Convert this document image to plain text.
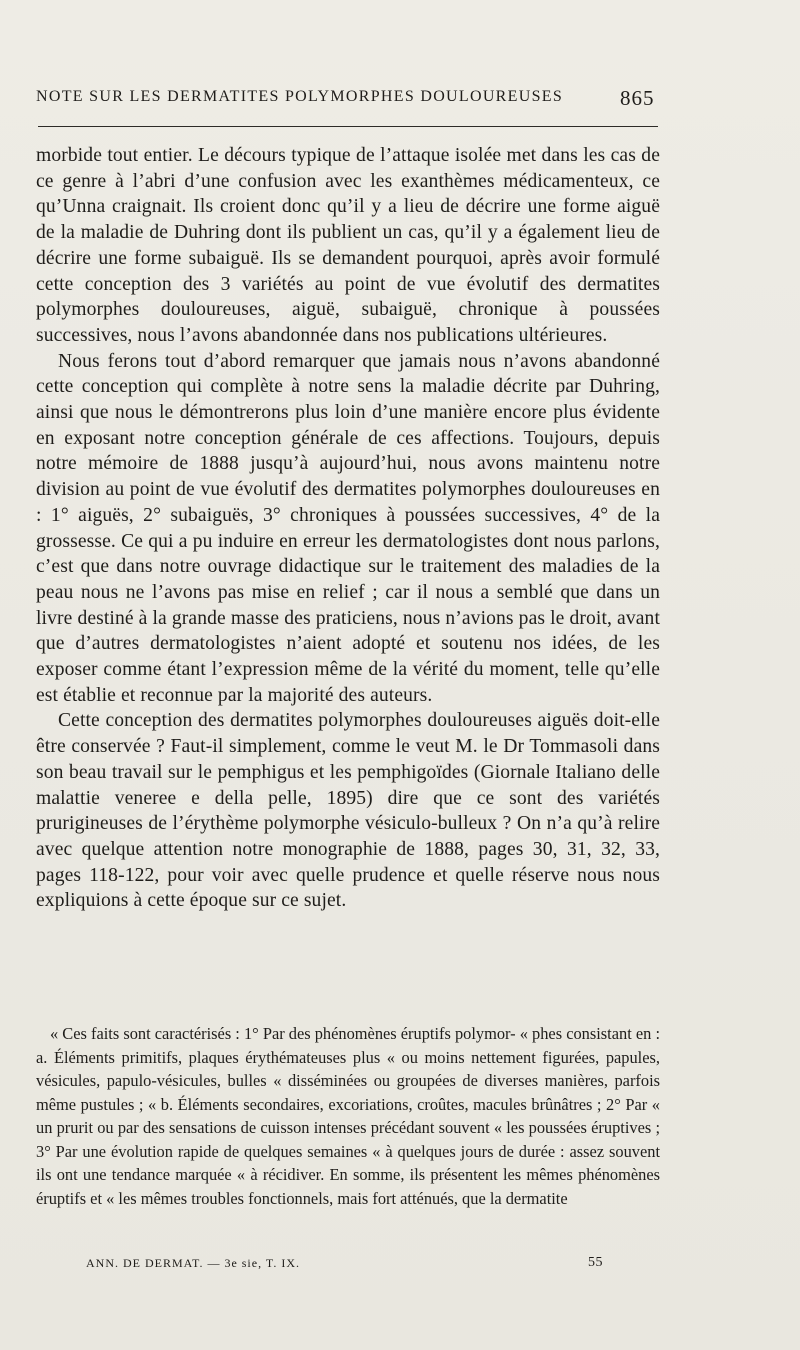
NOTE SUR LES DERMATITES POLYMORPHES DOULOUREUSES	865

morbide tout entier. Le décours typique de l’attaque isolée met dans les cas de ce genre à l’abri d’une confusion avec les exanthèmes médicamenteux, ce qu’Unna craignait. Ils croient donc qu’il y a lieu de décrire une forme aiguë de la maladie de Duhring dont ils publient un cas, qu’il y a également lieu de décrire une forme subaiguë. Ils se demandent pourquoi, après avoir formulé cette conception des 3 variétés au point de vue évolutif des dermatites polymorphes douloureuses, aiguë, subaiguë, chronique à poussées successives, nous l’avons abandonnée dans nos publications ultérieures.

Nous ferons tout d’abord remarquer que jamais nous n’avons abandonné cette conception qui complète à notre sens la maladie décrite par Duhring, ainsi que nous le démontrerons plus loin d’une manière encore plus évidente en exposant notre conception générale de ces affections. Toujours, depuis notre mémoire de 1888 jusqu’à aujourd’hui, nous avons maintenu notre division au point de vue évolutif des dermatites polymorphes douloureuses en : 1° aiguës, 2° subaiguës, 3° chroniques à poussées successives, 4° de la grossesse. Ce qui a pu induire en erreur les dermatologistes dont nous parlons, c’est que dans notre ouvrage didactique sur le traitement des maladies de la peau nous ne l’avons pas mise en relief ; car il nous a semblé que dans un livre destiné à la grande masse des praticiens, nous n’avions pas le droit, avant que d’autres dermatologistes n’aient adopté et soutenu nos idées, de les exposer comme étant l’expression même de la vérité du moment, telle qu’elle est établie et reconnue par la majorité des auteurs.

Cette conception des dermatites polymorphes douloureuses aiguës doit-elle être conservée ? Faut-il simplement, comme le veut M. le Dr Tommasoli dans son beau travail sur le pemphigus et les pemphigoïdes (Giornale Italiano delle malattie veneree e della pelle, 1895) dire que ce sont des variétés prurigineuses de l’érythème polymorphe vésiculo-bulleux ? On n’a qu’à relire avec quelque attention notre monographie de 1888, pages 30, 31, 32, 33, pages 118-122, pour voir avec quelle prudence et quelle réserve nous nous expliquions à cette époque sur ce sujet.

« Ces faits sont caractérisés : 1° Par des phénomènes éruptifs polymor- « phes consistant en : a. Éléments primitifs, plaques érythémateuses plus « ou moins nettement figurées, papules, vésicules, papulo-vésicules, bulles « disséminées ou groupées de diverses manières, parfois même pustules ; « b. Éléments secondaires, excoriations, croûtes, macules brûnâtres ; 2° Par « un prurit ou par des sensations de cuisson intenses précédant souvent « les poussées éruptives ; 3° Par une évolution rapide de quelques semaines « à quelques jours de durée : assez souvent ils ont une tendance marquée « à récidiver. En somme, ils présentent les mêmes phénomènes éruptifs et « les mêmes troubles fonctionnels, mais fort atténués, que la dermatite

ANN. DE DERMAT. — 3e sie, T. IX.	55
